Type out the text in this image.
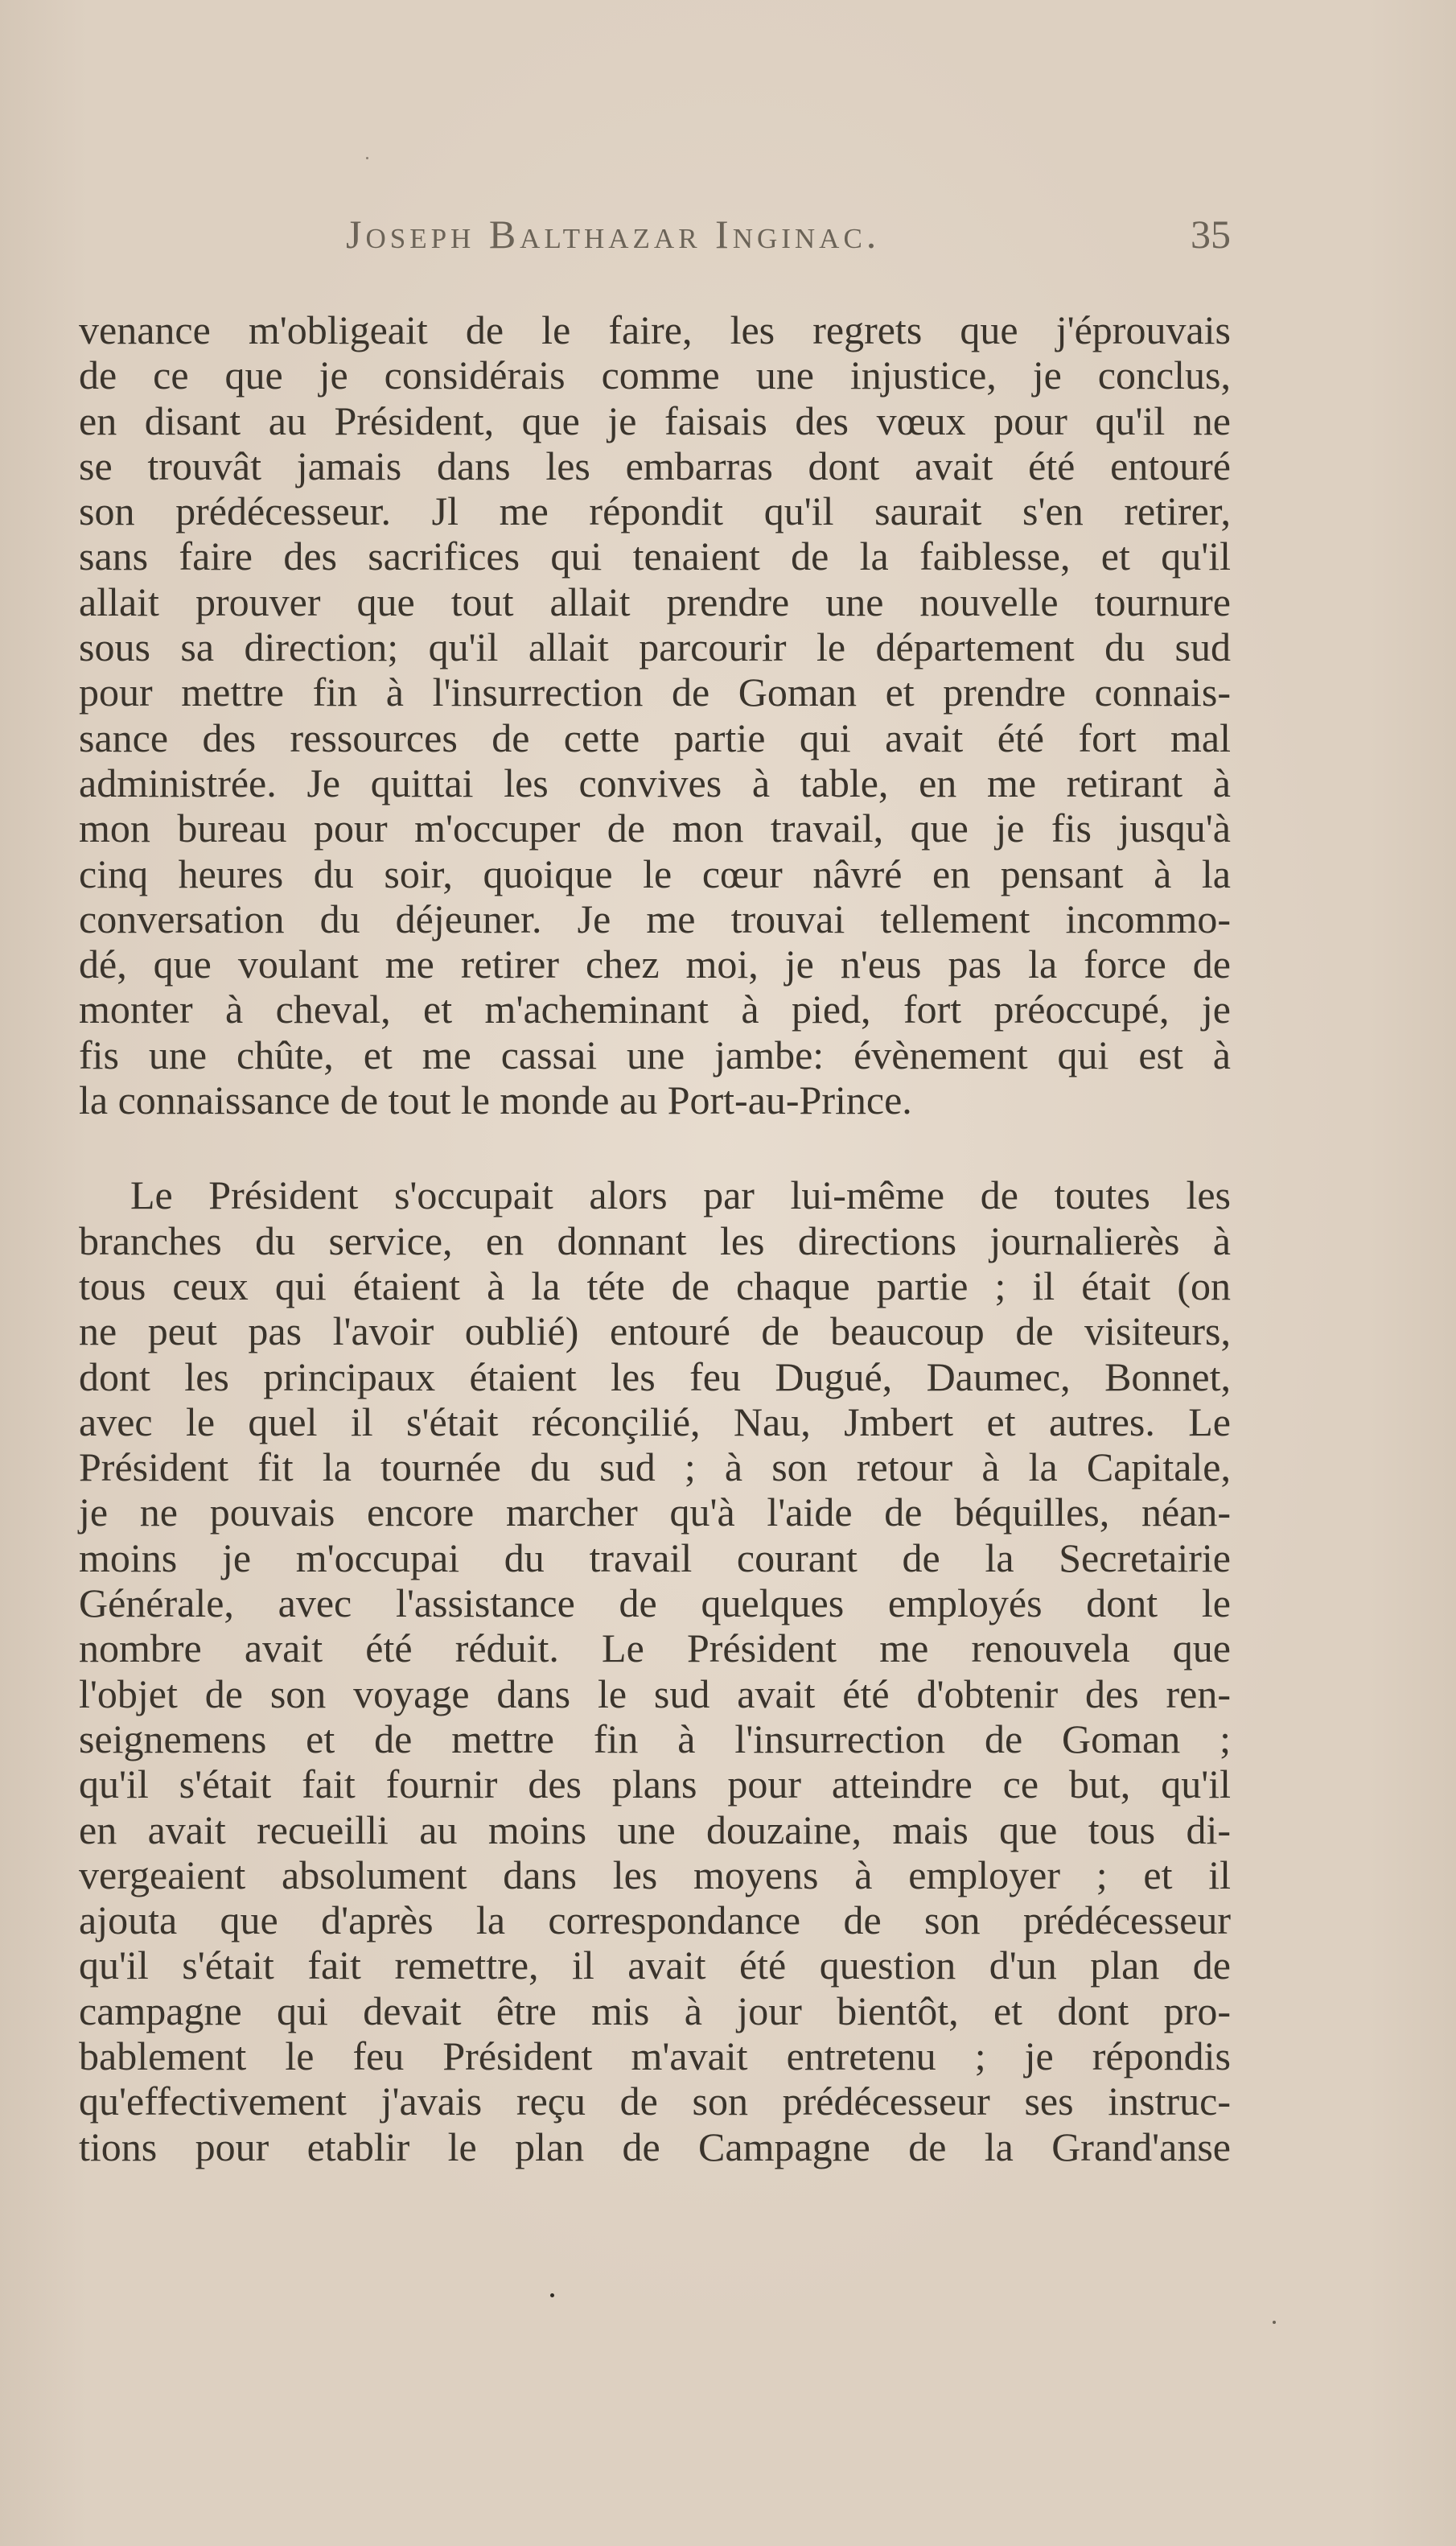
Joseph Balthazar Inginac.	35

venance m'obligeait de le faire, les regrets que j'éprouvais
de ce que je considérais comme une injustice, je conclus,
en disant au Président, que je faisais des vœux pour qu'il ne
se trouvât jamais dans les embarras dont avait été entouré
son prédécesseur. Jl me répondit qu'il saurait s'en retirer,
sans faire des sacrifices qui tenaient de la faiblesse, et qu'il
allait prouver que tout allait prendre une nouvelle tournure
sous sa direction; qu'il allait parcourir le département du sud
pour mettre fin à l'insurrection de Goman et prendre connais-
sance des ressources de cette partie qui avait été fort mal
administrée. Je quittai les convives à table, en me retirant à
mon bureau pour m'occuper de mon travail, que je fis jusqu'à
cinq heures du soir, quoique le cœur nâvré en pensant à la
conversation du déjeuner. Je me trouvai tellement incommo-
dé, que voulant me retirer chez moi, je n'eus pas la force de
monter à cheval, et m'acheminant à pied, fort préoccupé, je
fis une chûte, et me cassai une jambe: évènement qui est à
la connaissance de tout le monde au Port-au-Prince.

Le Président s'occupait alors par lui-même de toutes les
branches du service, en donnant les directions journalierès à
tous ceux qui étaient à la téte de chaque partie ; il était (on
ne peut pas l'avoir oublié) entouré de beaucoup de visiteurs,
dont les principaux étaient les feu Dugué, Daumec, Bonnet,
avec le quel il s'était réconçilié, Nau, Jmbert et autres. Le
Président fit la tournée du sud ; à son retour à la Capitale,
je ne pouvais encore marcher qu'à l'aide de béquilles, néan-
moins je m'occupai du travail courant de la Secretairie
Générale, avec l'assistance de quelques employés dont le
nombre avait été réduit. Le Président me renouvela que
l'objet de son voyage dans le sud avait été d'obtenir des ren-
seignemens et de mettre fin à l'insurrection de Goman ;
qu'il s'était fait fournir des plans pour atteindre ce but, qu'il
en avait recueilli au moins une douzaine, mais que tous di-
vergeaient absolument dans les moyens à employer ; et il
ajouta que d'après la correspondance de son prédécesseur
qu'il s'était fait remettre, il avait été question d'un plan de
campagne qui devait être mis à jour bientôt, et dont pro-
bablement le feu Président m'avait entretenu ; je répondis
qu'effectivement j'avais reçu de son prédécesseur ses instruc-
tions pour etablir le plan de Campagne de la Grand'anse
